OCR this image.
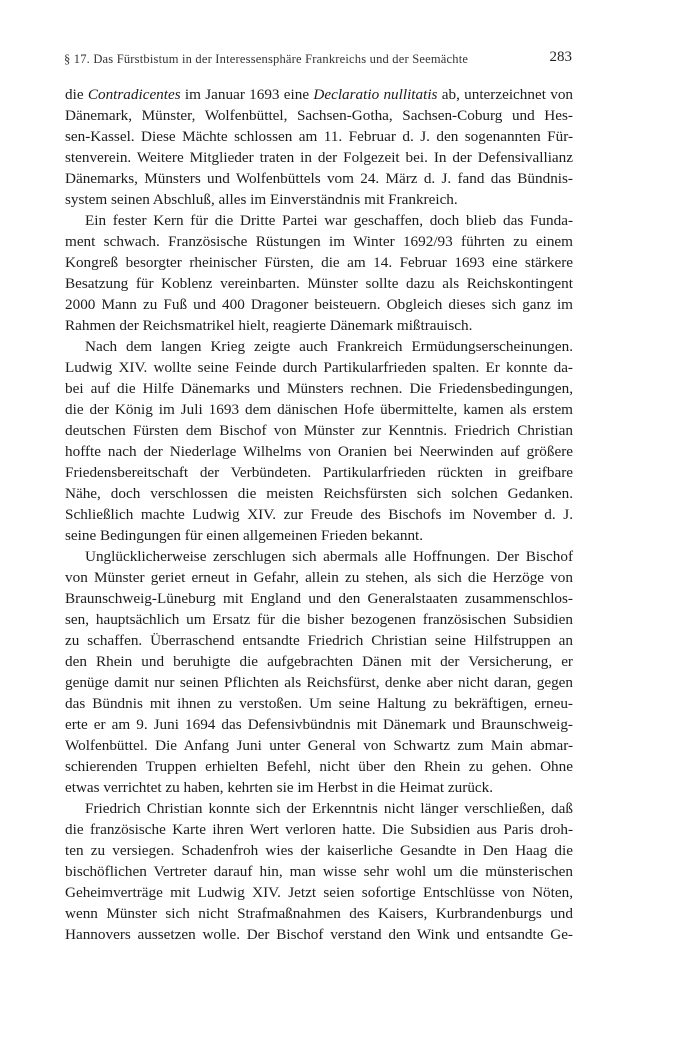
§ 17. Das Fürstbistum in der Interessensphäre Frankreichs und der Seemächte	283
die Contradicentes im Januar 1693 eine Declaratio nullitatis ab, unterzeichnet von
Dänemark, Münster, Wolfenbüttel, Sachsen-Gotha, Sachsen-Coburg und Hes-
sen-Kassel. Diese Mächte schlossen am 11. Februar d. J. den sogenannten Für-
stenverein. Weitere Mitglieder traten in der Folgezeit bei. In der Defensivallianz
Dänemarks, Münsters und Wolfenbüttels vom 24. März d. J. fand das Bündnis-
system seinen Abschluß, alles im Einverständnis mit Frankreich.
Ein fester Kern für die Dritte Partei war geschaffen, doch blieb das Funda-
ment schwach. Französische Rüstungen im Winter 1692/93 führten zu einem
Kongreß besorgter rheinischer Fürsten, die am 14. Februar 1693 eine stärkere
Besatzung für Koblenz vereinbarten. Münster sollte dazu als Reichskontingent
2000 Mann zu Fuß und 400 Dragoner beisteuern. Obgleich dieses sich ganz im
Rahmen der Reichsmatrikel hielt, reagierte Dänemark mißtrauisch.
Nach dem langen Krieg zeigte auch Frankreich Ermüdungserscheinungen.
Ludwig XIV. wollte seine Feinde durch Partikularfrieden spalten. Er konnte da-
bei auf die Hilfe Dänemarks und Münsters rechnen. Die Friedensbedingungen,
die der König im Juli 1693 dem dänischen Hofe übermittelte, kamen als erstem
deutschen Fürsten dem Bischof von Münster zur Kenntnis. Friedrich Christian
hoffte nach der Niederlage Wilhelms von Oranien bei Neerwinden auf größere
Friedensbereitschaft der Verbündeten. Partikularfrieden rückten in greifbare
Nähe, doch verschlossen die meisten Reichsfürsten sich solchen Gedanken.
Schließlich machte Ludwig XIV. zur Freude des Bischofs im November d. J.
seine Bedingungen für einen allgemeinen Frieden bekannt.
Unglücklicherweise zerschlugen sich abermals alle Hoffnungen. Der Bischof
von Münster geriet erneut in Gefahr, allein zu stehen, als sich die Herzöge von
Braunschweig-Lüneburg mit England und den Generalstaaten zusammenschlos-
sen, hauptsächlich um Ersatz für die bisher bezogenen französischen Subsidien
zu schaffen. Überraschend entsandte Friedrich Christian seine Hilfstruppen an
den Rhein und beruhigte die aufgebrachten Dänen mit der Versicherung, er
genüge damit nur seinen Pflichten als Reichsfürst, denke aber nicht daran, gegen
das Bündnis mit ihnen zu verstoßen. Um seine Haltung zu bekräftigen, erneu-
erte er am 9. Juni 1694 das Defensivbündnis mit Dänemark und Braunschweig-
Wolfenbüttel. Die Anfang Juni unter General von Schwartz zum Main abmar-
schierenden Truppen erhielten Befehl, nicht über den Rhein zu gehen. Ohne
etwas verrichtet zu haben, kehrten sie im Herbst in die Heimat zurück.
Friedrich Christian konnte sich der Erkenntnis nicht länger verschließen, daß
die französische Karte ihren Wert verloren hatte. Die Subsidien aus Paris droh-
ten zu versiegen. Schadenfroh wies der kaiserliche Gesandte in Den Haag die
bischöflichen Vertreter darauf hin, man wisse sehr wohl um die münsterischen
Geheimverträge mit Ludwig XIV. Jetzt seien sofortige Entschlüsse von Nöten,
wenn Münster sich nicht Strafmaßnahmen des Kaisers, Kurbrandenburgs und
Hannovers aussetzen wolle. Der Bischof verstand den Wink und entsandte Ge-
